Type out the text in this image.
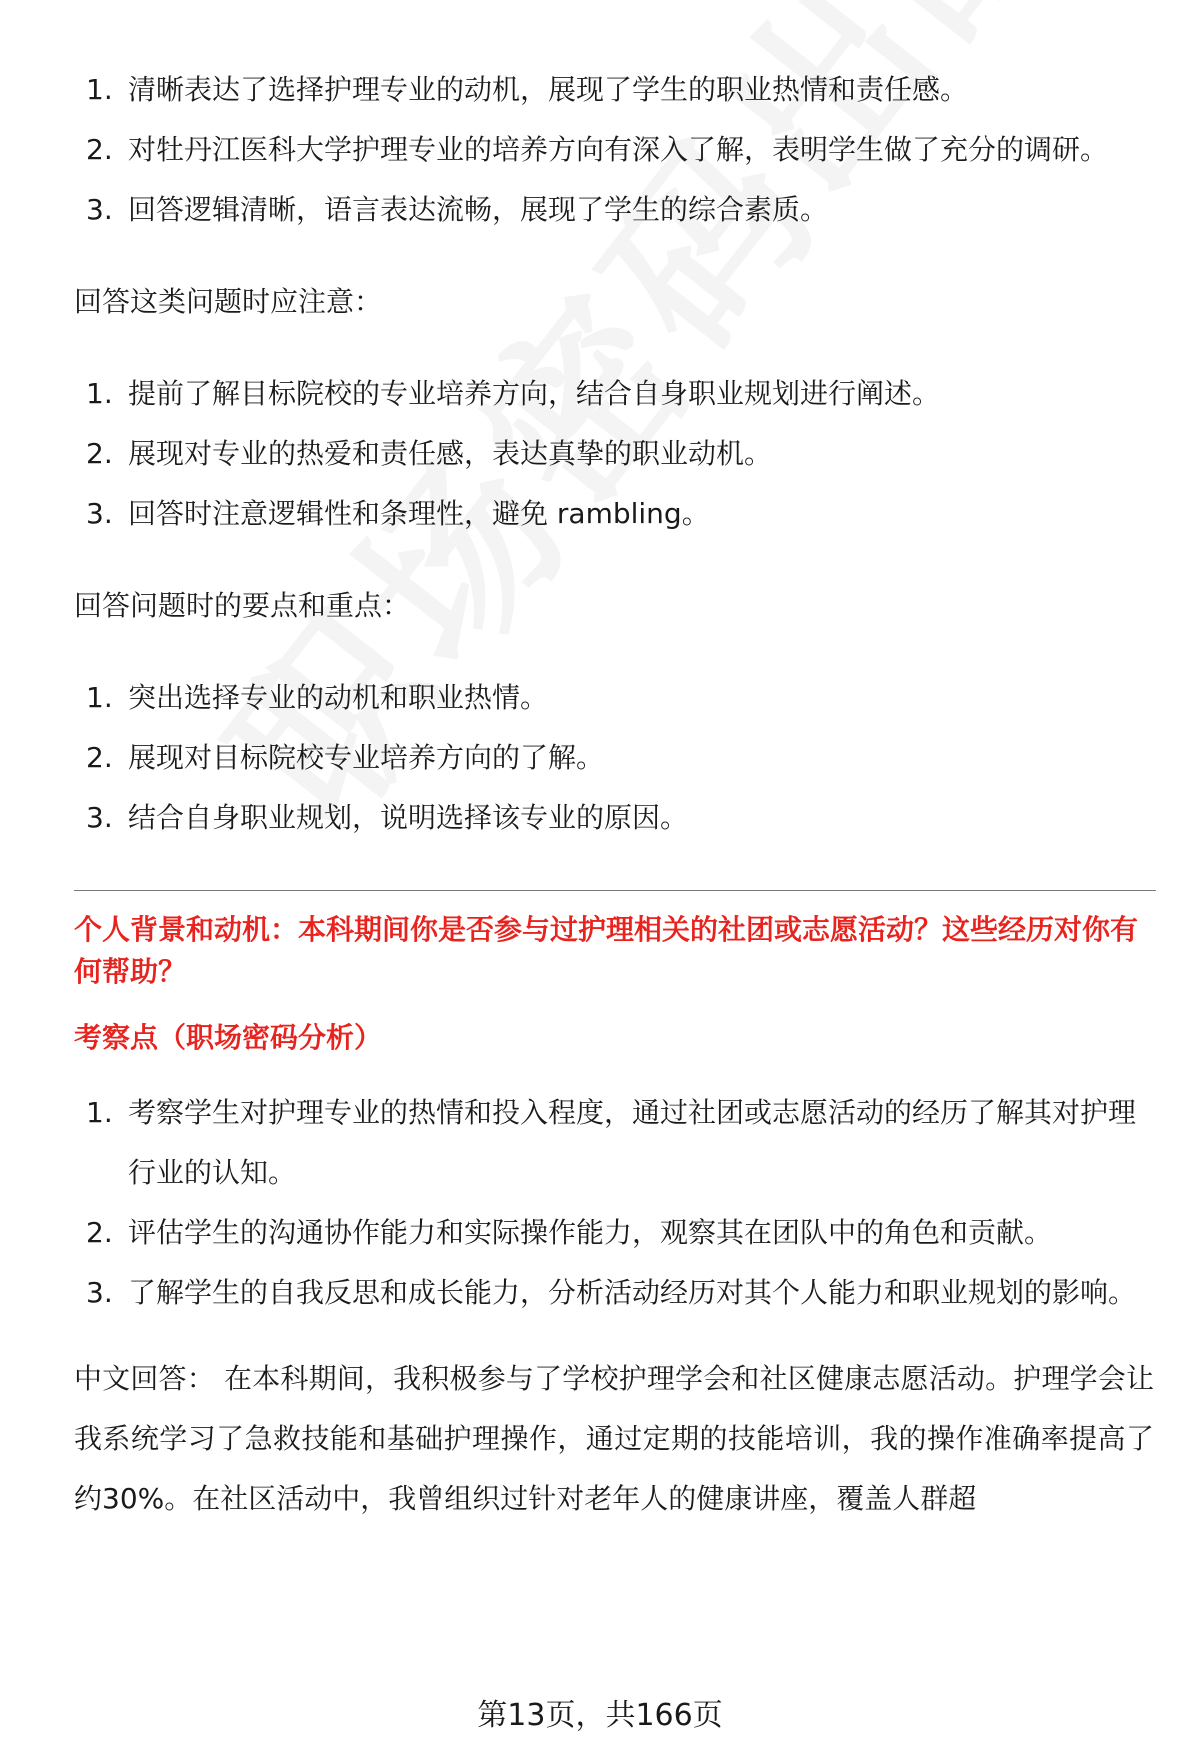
1. 清晰表达了选择护理专业的动机，展现了学生的职业热情和责任感。
2. 对牡丹江医科大学护理专业的培养方向有深入了解，表明学生做了充分的调研。
3. 回答逻辑清晰，语言表达流畅，展现了学生的综合素质。

回答这类问题时应注意：

1. 提前了解目标院校的专业培养方向，结合自身职业规划进行阐述。
2. 展现对专业的热爱和责任感，表达真挚的职业动机。
3. 回答时注意逻辑性和条理性，避免 rambling。

回答问题时的要点和重点：

1. 突出选择专业的动机和职业热情。
2. 展现对目标院校专业培养方向的了解。
3. 结合自身职业规划，说明选择该专业的原因。

个人背景和动机：本科期间你是否参与过护理相关的社团或志愿活动？这些经历对你有何帮助？

考察点（职场密码分析）

1. 考察学生对护理专业的热情和投入程度，通过社团或志愿活动的经历了解其对护理行业的认知。
2. 评估学生的沟通协作能力和实际操作能力，观察其在团队中的角色和贡献。
3. 了解学生的自我反思和成长能力，分析活动经历对其个人能力和职业规划的影响。

中文回答： 在本科期间，我积极参与了学校护理学会和社区健康志愿活动。护理学会让我系统学习了急救技能和基础护理操作，通过定期的技能培训，我的操作准确率提高了约30%。在社区活动中，我曾组织过针对老年人的健康讲座，覆盖人群超

第13页，共166页
